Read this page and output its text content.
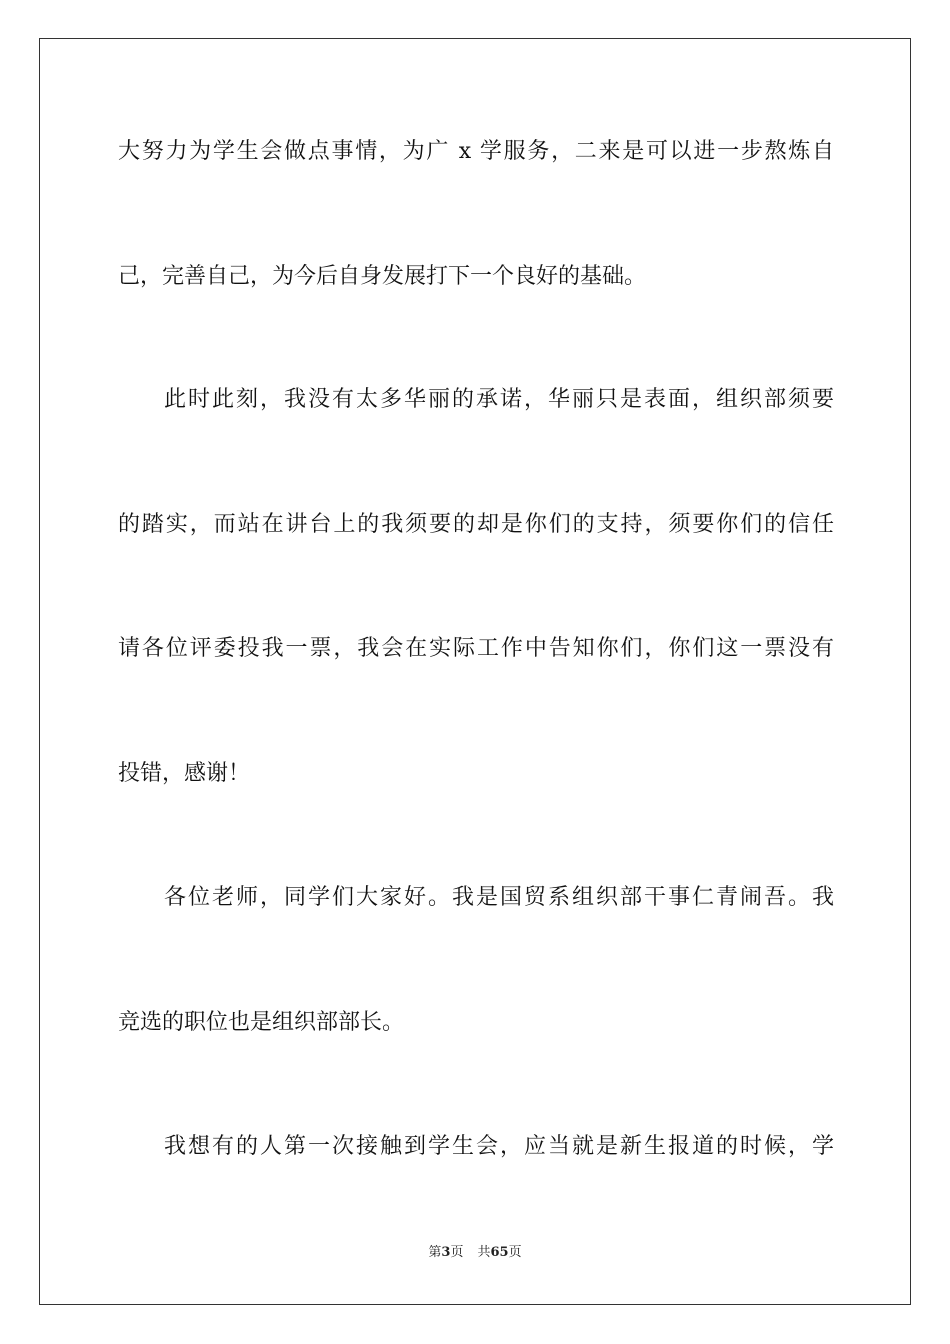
大努力为学生会做点事情，为广 x 学服务，二来是可以进一步熬炼自
己，完善自己，为今后自身发展打下一个良好的基础。
此时此刻，我没有太多华丽的承诺，华丽只是表面，组织部须要
的踏实，而站在讲台上的我须要的却是你们的支持，须要你们的信任
请各位评委投我一票，我会在实际工作中告知你们，你们这一票没有
投错，感谢！
各位老师，同学们大家好。我是国贸系组织部干事仁青闹吾。我
竞选的职位也是组织部部长。
我想有的人第一次接触到学生会，应当就是新生报道的时候，学
第3页 共65页
